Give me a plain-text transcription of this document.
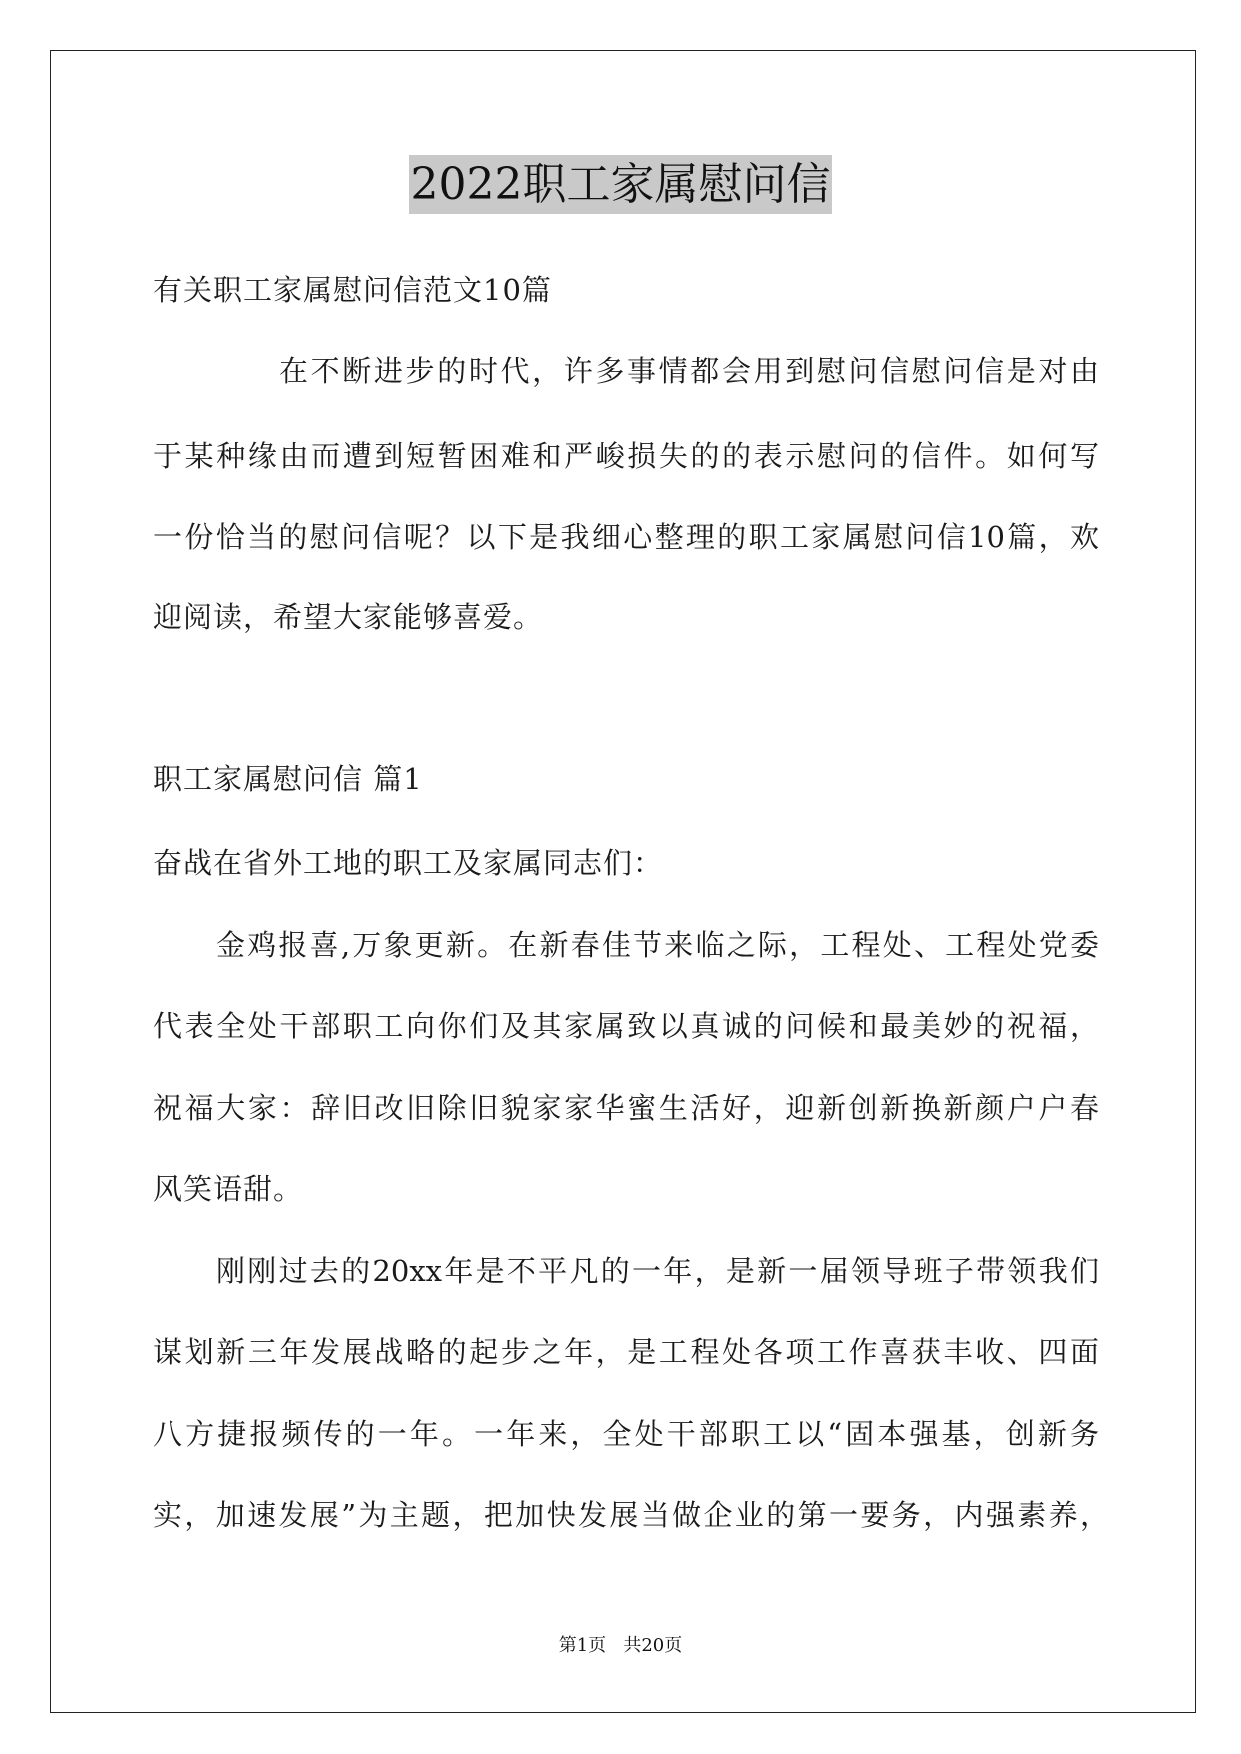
2022职工家属慰问信
有关职工家属慰问信范文10篇
在不断进步的时代，许多事情都会用到慰问信慰问信是对由
于某种缘由而遭到短暂困难和严峻损失的的表示慰问的信件。如何写
一份恰当的慰问信呢？以下是我细心整理的职工家属慰问信10篇，欢
迎阅读，希望大家能够喜爱。
职工家属慰问信 篇1
奋战在省外工地的职工及家属同志们：
金鸡报喜,万象更新。在新春佳节来临之际，工程处、工程处党委
代表全处干部职工向你们及其家属致以真诚的问候和最美妙的祝福，
祝福大家：辞旧改旧除旧貌家家华蜜生活好，迎新创新换新颜户户春
风笑语甜。
刚刚过去的20xx年是不平凡的一年，是新一届领导班子带领我们
谋划新三年发展战略的起步之年，是工程处各项工作喜获丰收、四面
八方捷报频传的一年。一年来，全处干部职工以“固本强基，创新务
实，加速发展”为主题，把加快发展当做企业的第一要务，内强素养，
第1页   共20页
